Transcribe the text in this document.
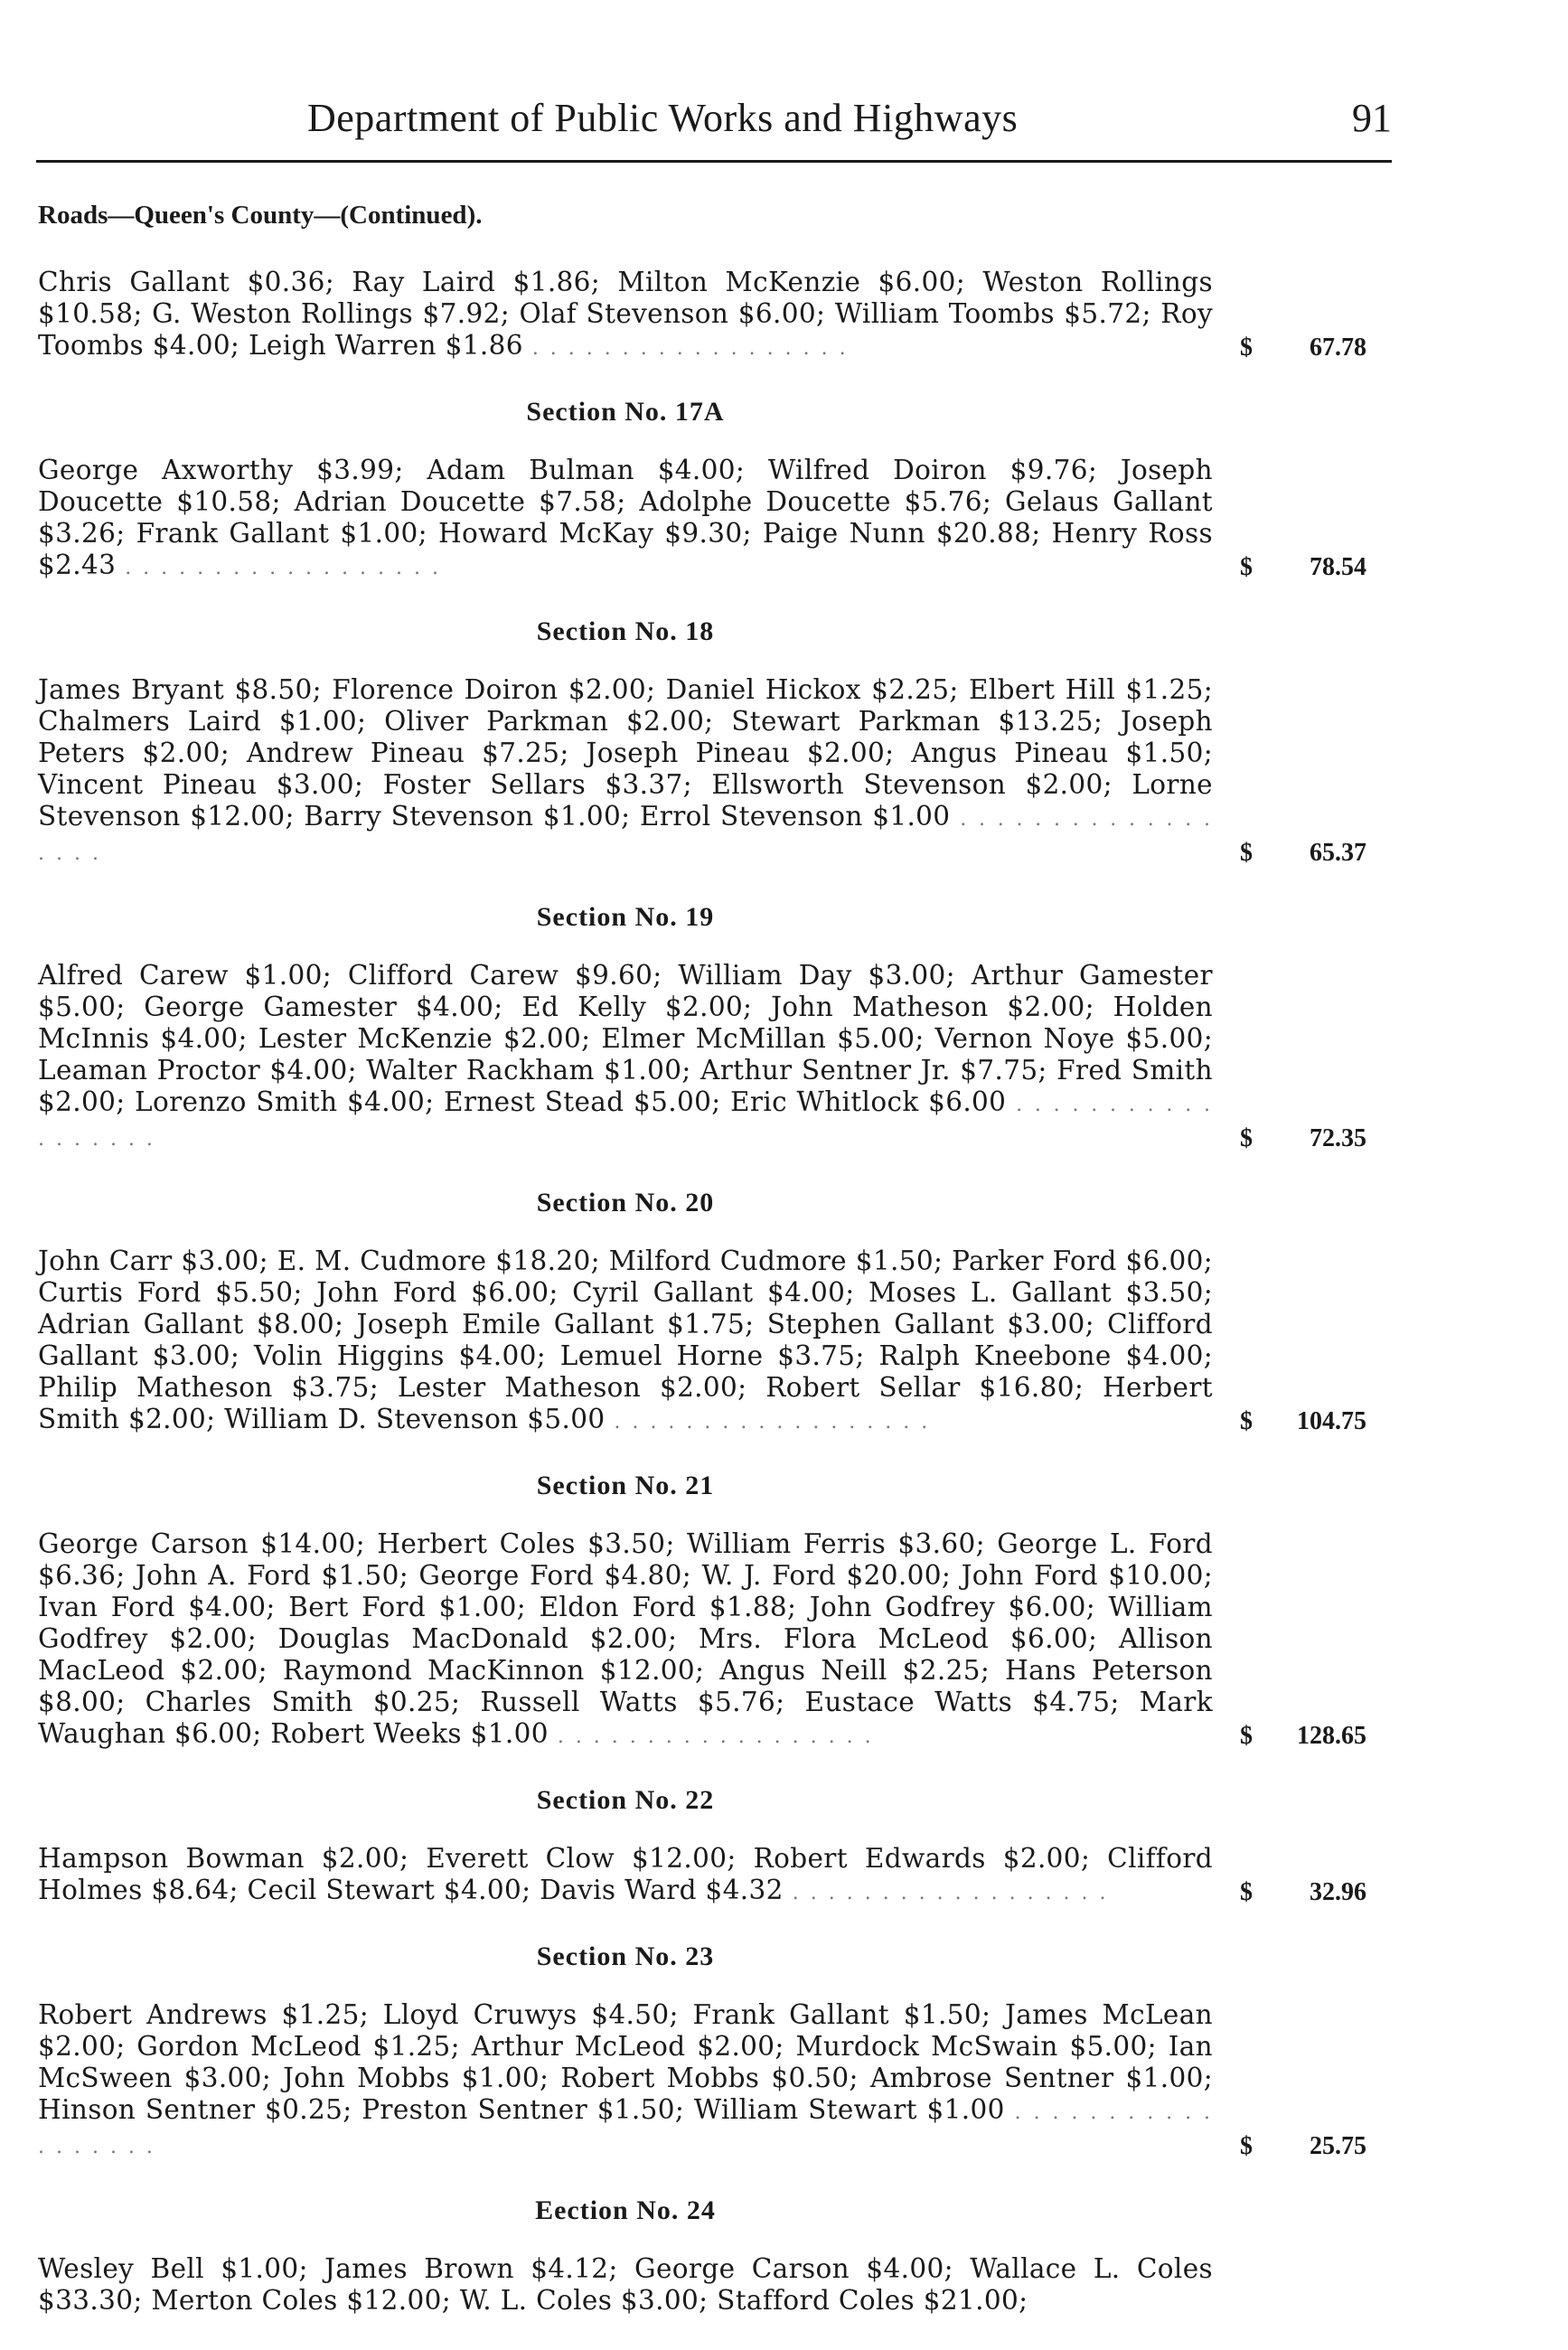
Department of Public Works and Highways	91
Roads—Queen's County—(Continued).
Chris Gallant $0.36; Ray Laird $1.86; Milton McKenzie $6.00; Weston Rollings $10.58; G. Weston Rollings $7.92; Olaf Stevenson $6.00; William Toombs $5.72; Roy Toombs $4.00; Leigh Warren $1.86 . . . . . . . . . . . . . . . . . .	$ 67.78
Section No. 17A
George Axworthy $3.99; Adam Bulman $4.00; Wilfred Doiron $9.76; Joseph Doucette $10.58; Adrian Doucette $7.58; Adolphe Doucette $5.76; Gelaus Gallant $3.26; Frank Gallant $1.00; Howard McKay $9.30; Paige Nunn $20.88; Henry Ross $2.43 . . . . . . . . . . . . . . . . . .	$ 78.54
Section No. 18
James Bryant $8.50; Florence Doiron $2.00; Daniel Hickox $2.25; Elbert Hill $1.25; Chalmers Laird $1.00; Oliver Parkman $2.00; Stewart Parkman $13.25; Joseph Peters $2.00; Andrew Pineau $7.25; Joseph Pineau $2.00; Angus Pineau $1.50; Vincent Pineau $3.00; Foster Sellars $3.37; Ellsworth Stevenson $2.00; Lorne Stevenson $12.00; Barry Stevenson $1.00; Errol Stevenson $1.00 . . . . . . . . . . . . . . . . . .	$ 65.37
Section No. 19
Alfred Carew $1.00; Clifford Carew $9.60; William Day $3.00; Arthur Gamester $5.00; George Gamester $4.00; Ed Kelly $2.00; John Matheson $2.00; Holden McInnis $4.00; Lester McKenzie $2.00; Elmer McMillan $5.00; Vernon Noye $5.00; Leaman Proctor $4.00; Walter Rackham $1.00; Arthur Sentner Jr. $7.75; Fred Smith $2.00; Lorenzo Smith $4.00; Ernest Stead $5.00; Eric Whitlock $6.00 . . . . . . . . . . . . . . . . . .	$ 72.35
Section No. 20
John Carr $3.00; E. M. Cudmore $18.20; Milford Cudmore $1.50; Parker Ford $6.00; Curtis Ford $5.50; John Ford $6.00; Cyril Gallant $4.00; Moses L. Gallant $3.50; Adrian Gallant $8.00; Joseph Emile Gallant $1.75; Stephen Gallant $3.00; Clifford Gallant $3.00; Volin Higgins $4.00; Lemuel Horne $3.75; Ralph Kneebone $4.00; Philip Matheson $3.75; Lester Matheson $2.00; Robert Sellar $16.80; Herbert Smith $2.00; William D. Stevenson $5.00 . . . . . . . . . . . . . . . . . .	$ 104.75
Section No. 21
George Carson $14.00; Herbert Coles $3.50; William Ferris $3.60; George L. Ford $6.36; John A. Ford $1.50; George Ford $4.80; W. J. Ford $20.00; John Ford $10.00; Ivan Ford $4.00; Bert Ford $1.00; Eldon Ford $1.88; John Godfrey $6.00; William Godfrey $2.00; Douglas MacDonald $2.00; Mrs. Flora McLeod $6.00; Allison MacLeod $2.00; Raymond MacKinnon $12.00; Angus Neill $2.25; Hans Peterson $8.00; Charles Smith $0.25; Russell Watts $5.76; Eustace Watts $4.75; Mark Waughan $6.00; Robert Weeks $1.00 . . . . . . . . . . . . . . . . . .	$ 128.65
Section No. 22
Hampson Bowman $2.00; Everett Clow $12.00; Robert Edwards $2.00; Clifford Holmes $8.64; Cecil Stewart $4.00; Davis Ward $4.32 . . . . . . . . . . . . . . . . . .	$ 32.96
Section No. 23
Robert Andrews $1.25; Lloyd Cruwys $4.50; Frank Gallant $1.50; James McLean $2.00; Gordon McLeod $1.25; Arthur McLeod $2.00; Murdock McSwain $5.00; Ian McSween $3.00; John Mobbs $1.00; Robert Mobbs $0.50; Ambrose Sentner $1.00; Hinson Sentner $0.25; Preston Sentner $1.50; William Stewart $1.00 . . . . . . . . . . . . . . . . . .	$ 25.75
Eection No. 24
Wesley Bell $1.00; James Brown $4.12; George Carson $4.00; Wallace L. Coles $33.30; Merton Coles $12.00; W. L. Coles $3.00; Stafford Coles $21.00;
